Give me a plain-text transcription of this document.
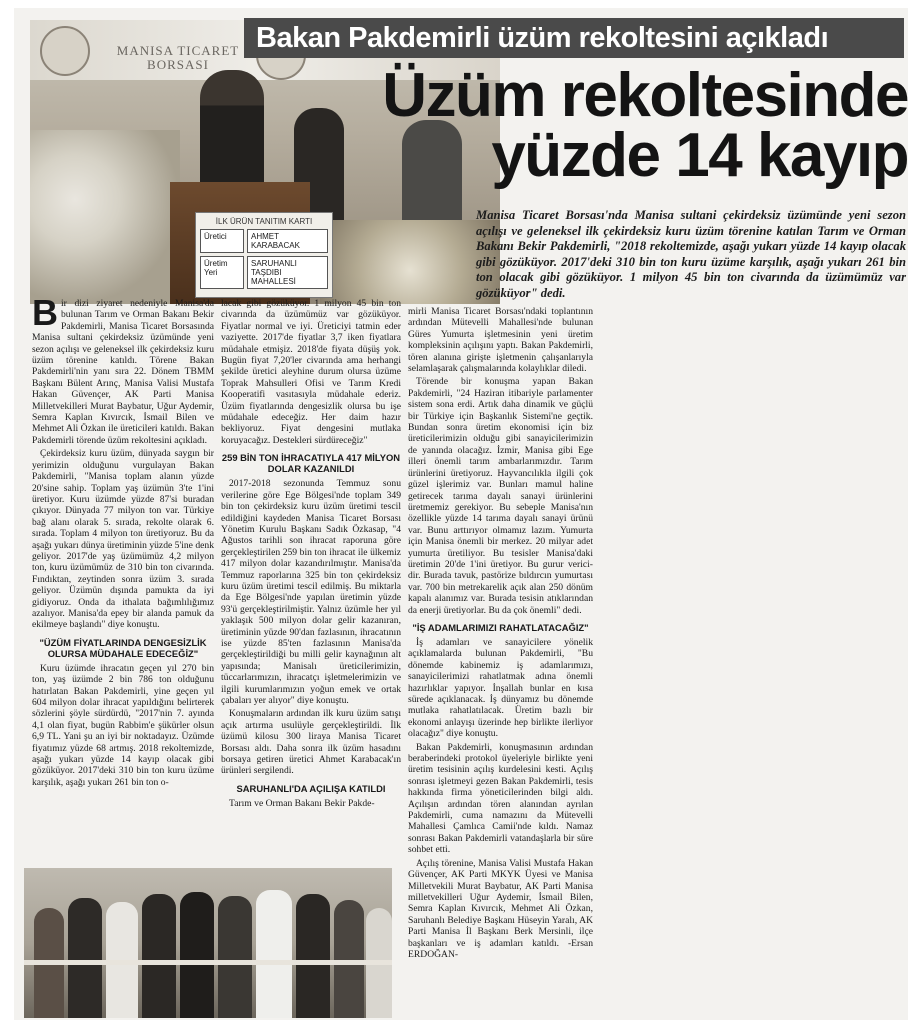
MANISA TICARET BORSASI
İLK ÜRÜN TANITIM KARTI
Üretici	AHMET KARABACAK
Üretim Yeri
SARUHANLI TAŞDIBI MAHALLESİ
Bakan Pakdemirli üzüm rekoltesini açıkladı
Üzüm rekoltesinde
yüzde 14 kayıp
Manisa Ticaret Borsası'nda Manisa sultani çekirdeksiz üzümünde yeni sezon açılışı ve geleneksel ilk çekirdeksiz kuru üzüm törenine katılan Tarım ve Orman Bakanı Bekir Pakdemirli, "2018 rekoltemizde, aşağı yukarı yüzde 14 kayıp olacak gibi gözüküyor. 2017'deki 310 bin ton kuru üzüme karşılık, aşağı yukarı 261 bin ton olacak gibi gözüküyor. 1 milyon 45 bin ton civarında da üzümümüz var gözüküyor" dedi.

Bir dizi ziyaret nedeniyle Manisa'da bulunan Tarım ve Orman Bakanı Bekir Pakdemirli, Manisa Ticaret Borsasında Manisa sultani çekirdeksiz üzümünde yeni sezon açılışı ve geleneksel ilk çekirdeksiz kuru üzüm törenine katıldı. Törene Bakan Pakdemirli'nin yanı sıra 22. Dönem TBMM Başkanı Bülent Arınç, Manisa Valisi Mustafa Hakan Güvençer, AK Parti Manisa Milletvekilleri Murat Baybatur, Uğur Aydemir, Semra Kaplan Kıvırcık, İsmail Bilen ve Mehmet Ali Özkan ile üreticileri katıldı. Bakan Pakdemirli törende üzüm rekoltesini açıkladı.

Çekirdeksiz kuru üzüm, dünyada saygın bir yerimizin olduğunu vurgulayan Bakan Pakdemirli, "Manisa toplam alanın yüzde 20'sine sahip. Toplam yaş üzümün 3'te 1'ini üretiyor. Kuru üzümde yüzde 87'si buradan çıkıyor. Dünyada 77 milyon ton var. Türkiye bağ alanı olarak 5. sırada, rekolte olarak 6. sırada. Toplam 4 milyon ton üretiyoruz. Bu da aşağı yukarı dünya üretiminin yüzde 5'ine denk geliyor. 2017'de yaş üzümümüz 4,2 milyon ton, kuru üzümümüz de 310 bin ton civarında. Fındıktan, zeytinden sonra üzüm 3. sırada geliyor. Üzümün dışında pamukta da iyi gidiyoruz. Onda da ithalata bağımlılığımız azalıyor. Manisa'da epey bir alanda pamuk da ekilmeye başlandı" diye konuştu.

"ÜZÜM FİYATLARINDA DENGESİZLİK OLURSA MÜDAHALE EDECEĞİZ"

Kuru üzümde ihracatın geçen yıl 270 bin ton, yaş üzümde 2 bin 786 ton olduğunu hatırlatan Bakan Pakdemirli, yine geçen yıl 604 milyon dolar ihracat yapıldığını belirterek sözlerini şöyle sürdürdü, "2017'nin 7. ayında 4,1 olan fiyat, bugün Rabbim'e şükürler olsun 6,9 TL. Yani şu an iyi bir noktadayız. Üzümde fiyatımız yüzde 68 artmış. 2018 rekoltemizde, aşağı yukarı yüzde 14 kayıp olacak gibi gözüküyor. 2017'deki 310 bin ton kuru üzüme karşılık, aşağı yukarı 261 bin ton o-

lacak gibi gözüküyor. 1 milyon 45 bin ton civarında da üzümümüz var gözüküyor. Fiyatlar normal ve iyi. Üreticiyi tatmin eder vaziyette. 2017'de fiyatlar 3,7 iken fiyatlara müdahale etmişiz. 2018'de fiyata düşüş yok. Bugün fiyat 7,20'ler civarında ama herhangi şekilde üretici aleyhine durum olursa üzüme Toprak Mahsulleri Ofisi ve Tarım Kredi Kooperatifi vasıtasıyla müdahale ederiz. Üzüm fiyatlarında dengesizlik olursa bu işe müdahale edeceğiz. Her daim hazır bekliyoruz. Fiyat dengesini mutlaka koruyacağız. Destekleri sürdüreceğiz"

259 BİN TON İHRACATIYLA 417 MİLYON DOLAR KAZANILDI

2017-2018 sezonunda Temmuz sonu verilerine göre Ege Bölgesi'nde toplam 349 bin ton çekirdeksiz kuru üzüm üretimi tescil edildiğini kaydeden Manisa Ticaret Borsası Yönetim Kurulu Başkanı Sadık Özkasap, "4 Ağustos tarihli son ihracat raporuna göre gerçekleştirilen 259 bin ton ihracat ile ülkemiz 417 milyon dolar kazandırılmıştır. Manisa'da Temmuz raporlarına 325 bin ton çekirdeksiz kuru üzüm üretimi tescil edilmiş. Bu miktarla da Ege Bölgesi'nde yapılan üretimin yüzde 93'ü gerçekleştirilmiştir. Yalnız üzümle her yıl yaklaşık 500 milyon dolar gelir kazanıran, üretiminin yüzde 90'dan fazlasının, ihracatının ise yüzde 85'ten fazlasının Manisa'da gerçekleştirildiği bu milli gelir kaynağının alt yapısında; Manisalı üreticilerimizin, tüccarlarımızın, ihracatçı işletmelerimizin ve ilgili kurumlarımızın yoğun emek ve ortak çabaları yer alıyor" diye konuştu.

Konuşmaların ardından ilk kuru üzüm satışı açık artırma usulüyle gerçekleştirildi. İlk üzümü kilosu 300 liraya Manisa Ticaret Borsası aldı. Daha sonra ilk üzüm hasadını borsaya getiren üretici Ahmet Karabacak'ın ürünleri sergilendi.

SARUHANLI'DA AÇILIŞA KATILDI

Tarım ve Orman Bakanı Bekir Pakde-

mirli Manisa Ticaret Borsası'ndaki toplantının ardından Mütevelli Mahallesi'nde bulunan Güres Yumurta işletmesinin yeni üretim kompleksinin açılışını yaptı. Bakan Pakdemirli, tören alanına girişte işletmenin çalışanlarıyla selamlaşarak çalışmalarında kolaylıklar diledi.

Törende bir konuşma yapan Bakan Pakdemirli, "24 Haziran itibariyle parlamenter sistem sona erdi. Artık daha dinamik ve güçlü bir Türkiye için Başkanlık Sistemi'ne geçtik. Bundan sonra üretim ekonomisi için biz üreticilerimizin olduğu gibi sanayicilerimizin de yanında olacağız. İzmir, Manisa gibi Ege illeri önemli tarım ambarlarımızdır. Tarım ürünlerini üretiyoruz. Hayvancılıkla ilgili çok güzel işlerimiz var. Bunları mamul haline getirecek tarıma dayalı sanayi ürünlerini üretmemiz gerekiyor. Bu sebeple Manisa'nın özellikle yüzde 14 tarıma dayalı sanayi ürünü var. Bunu arttırıyor olmamız lazım. Yumurta için Manisa önemli bir merkez. 20 milyar adet yumurta üretiliyor. Bu tesisler Manisa'daki üretimin 20'de 1'ini üretiyor. Bu gurur verici-dir. Burada tavuk, pastörize bıldırcın yumurtası var. 700 bin metrekarelik açık alan 250 dönüm kapalı alanımız var. Burada tesisin atıklarından da enerji üretiyorlar. Bu da çok önemli" dedi.

"İŞ ADAMLARIMIZI RAHATLATACAĞIZ"

İş adamları ve sanayicilere yönelik açıklamalarda bulunan Pakdemirli, "Bu dönemde kabinemiz iş adamlarımızı, sanayicilerimizi rahatlatmak adına önemli hazırlıklar yapıyor. İnşallah bunlar en kısa sürede açıklanacak. İş dünyamız bu dönemde mutlaka rahatlatılacak. Üretim bazlı bir ekonomi anlayışı üzerinde hep birlikte ilerliyor olacağız" diye konuştu.

Bakan Pakdemirli, konuşmasının ardından beraberindeki protokol üyeleriyle birlikte yeni üretim tesisinin açılış kurdelesini kesti. Açılış sonrası işletmeyi gezen Bakan Pakdemirli, tesis hakkında firma yöneticilerinden bilgi aldı. Açılışın ardından tören alanından ayrılan Pakdemirli, cuma namazını da Mütevelli Mahallesi Çamlıca Camii'nde kıldı. Namaz sonrası Bakan Pakdemirli vatandaşlarla bir süre sohbet etti.

Açılış törenine, Manisa Valisi Mustafa Hakan Güvençer, AK Parti MKYK Üyesi ve Manisa Milletvekili Murat Baybatur, AK Parti Manisa milletvekilleri Uğur Aydemir, İsmail Bilen, Semra Kaplan Kıvırcık, Mehmet Ali Özkan, Saruhanlı Belediye Başkanı Hüseyin Yaralı, AK Parti Manisa İl Başkanı Berk Mersinli, ilçe başkanları ve iş adamları katıldı. -Ersan ERDOĞAN-
